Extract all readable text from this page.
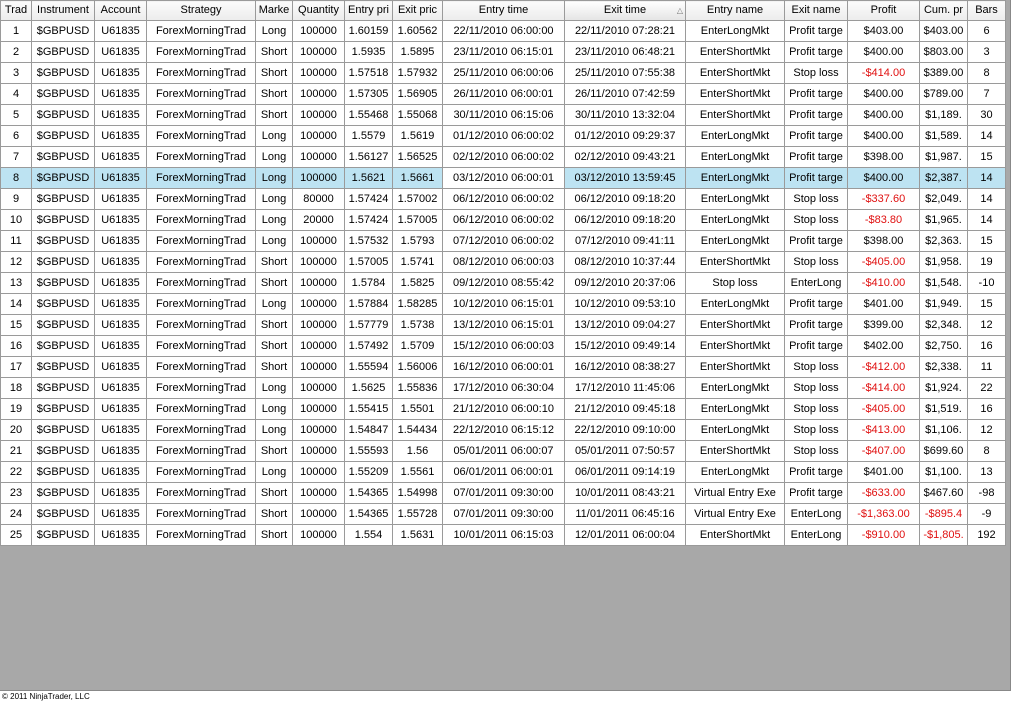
Trad	Instrument	Account	Strategy	Marke	Quantity	Entry pri	Exit pric	Entry time	Exit time △	Entry name	Exit name	Profit	Cum. pr	Bars
1	$GBPUSD	U61835	ForexMorningTrad	Long	100000	1.60159	1.60562	22/11/2010 06:00:00	22/11/2010 07:28:21	EnterLongMkt	Profit targe	$403.00	$403.00	6
2	$GBPUSD	U61835	ForexMorningTrad	Short	100000	1.5935	1.5895	23/11/2010 06:15:01	23/11/2010 06:48:21	EnterShortMkt	Profit targe	$400.00	$803.00	3
3	$GBPUSD	U61835	ForexMorningTrad	Short	100000	1.57518	1.57932	25/11/2010 06:00:06	25/11/2010 07:55:38	EnterShortMkt	Stop loss	-$414.00	$389.00	8
4	$GBPUSD	U61835	ForexMorningTrad	Short	100000	1.57305	1.56905	26/11/2010 06:00:01	26/11/2010 07:42:59	EnterShortMkt	Profit targe	$400.00	$789.00	7
5	$GBPUSD	U61835	ForexMorningTrad	Short	100000	1.55468	1.55068	30/11/2010 06:15:06	30/11/2010 13:32:04	EnterShortMkt	Profit targe	$400.00	$1,189.	30
6	$GBPUSD	U61835	ForexMorningTrad	Long	100000	1.5579	1.5619	01/12/2010 06:00:02	01/12/2010 09:29:37	EnterLongMkt	Profit targe	$400.00	$1,589.	14
7	$GBPUSD	U61835	ForexMorningTrad	Long	100000	1.56127	1.56525	02/12/2010 06:00:02	02/12/2010 09:43:21	EnterLongMkt	Profit targe	$398.00	$1,987.	15
8	$GBPUSD	U61835	ForexMorningTrad	Long	100000	1.5621	1.5661	03/12/2010 06:00:01	03/12/2010 13:59:45	EnterLongMkt	Profit targe	$400.00	$2,387.	14
9	$GBPUSD	U61835	ForexMorningTrad	Long	80000	1.57424	1.57002	06/12/2010 06:00:02	06/12/2010 09:18:20	EnterLongMkt	Stop loss	-$337.60	$2,049.	14
10	$GBPUSD	U61835	ForexMorningTrad	Long	20000	1.57424	1.57005	06/12/2010 06:00:02	06/12/2010 09:18:20	EnterLongMkt	Stop loss	-$83.80	$1,965.	14
11	$GBPUSD	U61835	ForexMorningTrad	Long	100000	1.57532	1.5793	07/12/2010 06:00:02	07/12/2010 09:41:11	EnterLongMkt	Profit targe	$398.00	$2,363.	15
12	$GBPUSD	U61835	ForexMorningTrad	Short	100000	1.57005	1.5741	08/12/2010 06:00:03	08/12/2010 10:37:44	EnterShortMkt	Stop loss	-$405.00	$1,958.	19
13	$GBPUSD	U61835	ForexMorningTrad	Short	100000	1.5784	1.5825	09/12/2010 08:55:42	09/12/2010 20:37:06	Stop loss	EnterLong	-$410.00	$1,548.	-10
14	$GBPUSD	U61835	ForexMorningTrad	Long	100000	1.57884	1.58285	10/12/2010 06:15:01	10/12/2010 09:53:10	EnterLongMkt	Profit targe	$401.00	$1,949.	15
15	$GBPUSD	U61835	ForexMorningTrad	Short	100000	1.57779	1.5738	13/12/2010 06:15:01	13/12/2010 09:04:27	EnterShortMkt	Profit targe	$399.00	$2,348.	12
16	$GBPUSD	U61835	ForexMorningTrad	Short	100000	1.57492	1.5709	15/12/2010 06:00:03	15/12/2010 09:49:14	EnterShortMkt	Profit targe	$402.00	$2,750.	16
17	$GBPUSD	U61835	ForexMorningTrad	Short	100000	1.55594	1.56006	16/12/2010 06:00:01	16/12/2010 08:38:27	EnterShortMkt	Stop loss	-$412.00	$2,338.	11
18	$GBPUSD	U61835	ForexMorningTrad	Long	100000	1.5625	1.55836	17/12/2010 06:30:04	17/12/2010 11:45:06	EnterLongMkt	Stop loss	-$414.00	$1,924.	22
19	$GBPUSD	U61835	ForexMorningTrad	Long	100000	1.55415	1.5501	21/12/2010 06:00:10	21/12/2010 09:45:18	EnterLongMkt	Stop loss	-$405.00	$1,519.	16
20	$GBPUSD	U61835	ForexMorningTrad	Long	100000	1.54847	1.54434	22/12/2010 06:15:12	22/12/2010 09:10:00	EnterLongMkt	Stop loss	-$413.00	$1,106.	12
21	$GBPUSD	U61835	ForexMorningTrad	Short	100000	1.55593	1.56	05/01/2011 06:00:07	05/01/2011 07:50:57	EnterShortMkt	Stop loss	-$407.00	$699.60	8
22	$GBPUSD	U61835	ForexMorningTrad	Long	100000	1.55209	1.5561	06/01/2011 06:00:01	06/01/2011 09:14:19	EnterLongMkt	Profit targe	$401.00	$1,100.	13
23	$GBPUSD	U61835	ForexMorningTrad	Short	100000	1.54365	1.54998	07/01/2011 09:30:00	10/01/2011 08:43:21	Virtual Entry Exe	Profit targe	-$633.00	$467.60	-98
24	$GBPUSD	U61835	ForexMorningTrad	Short	100000	1.54365	1.55728	07/01/2011 09:30:00	11/01/2011 06:45:16	Virtual Entry Exe	EnterLong	-$1,363.00	-$895.4	-9
25	$GBPUSD	U61835	ForexMorningTrad	Short	100000	1.554	1.5631	10/01/2011 06:15:03	12/01/2011 06:00:04	EnterShortMkt	EnterLong	-$910.00	-$1,805.	192
© 2011 NinjaTrader, LLC
